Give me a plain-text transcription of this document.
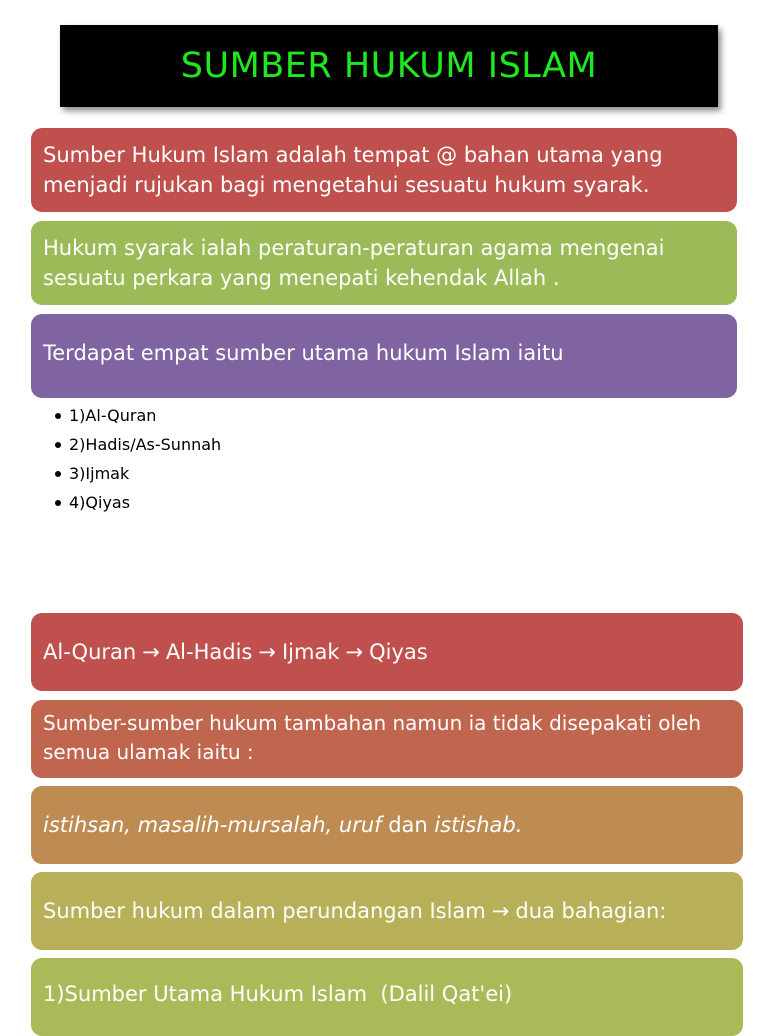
SUMBER HUKUM ISLAM
Sumber Hukum Islam adalah tempat @ bahan utama yang menjadi rujukan bagi mengetahui sesuatu hukum syarak.
Hukum syarak ialah peraturan-peraturan agama mengenai sesuatu perkara yang menepati kehendak Allah .
Terdapat empat sumber utama hukum Islam iaitu
1)Al-Quran
2)Hadis/As-Sunnah
3)Ijmak
4)Qiyas
Al-Quran → Al-Hadis → Ijmak → Qiyas
Sumber-sumber hukum tambahan namun ia tidak disepakati oleh semua ulamak iaitu :
istihsan, masalih-mursalah, uruf dan istishab.
Sumber hukum dalam perundangan Islam → dua bahagian:
1)Sumber Utama Hukum Islam  (Dalil Qat'ei)
